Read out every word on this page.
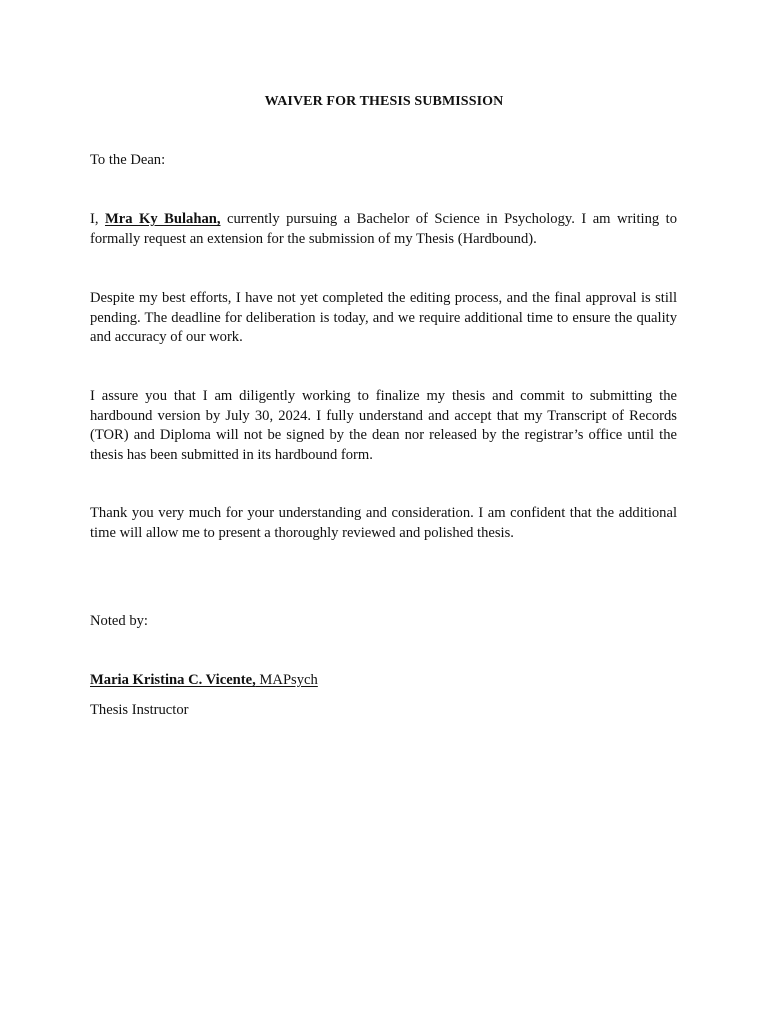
WAIVER FOR THESIS SUBMISSION

To the Dean:

I, Mra Ky Bulahan, currently pursuing a Bachelor of Science in Psychology. I am writing to formally request an extension for the submission of my Thesis (Hardbound).

Despite my best efforts, I have not yet completed the editing process, and the final approval is still pending. The deadline for deliberation is today, and we require additional time to ensure the quality and accuracy of our work.

I assure you that I am diligently working to finalize my thesis and commit to submitting the hardbound version by July 30, 2024. I fully understand and accept that my Transcript of Records (TOR) and Diploma will not be signed by the dean nor released by the registrar’s office until the thesis has been submitted in its hardbound form.

Thank you very much for your understanding and consideration. I am confident that the additional time will allow me to present a thoroughly reviewed and polished thesis.

Noted by:

Maria Kristina C. Vicente, MAPsych

Thesis Instructor
